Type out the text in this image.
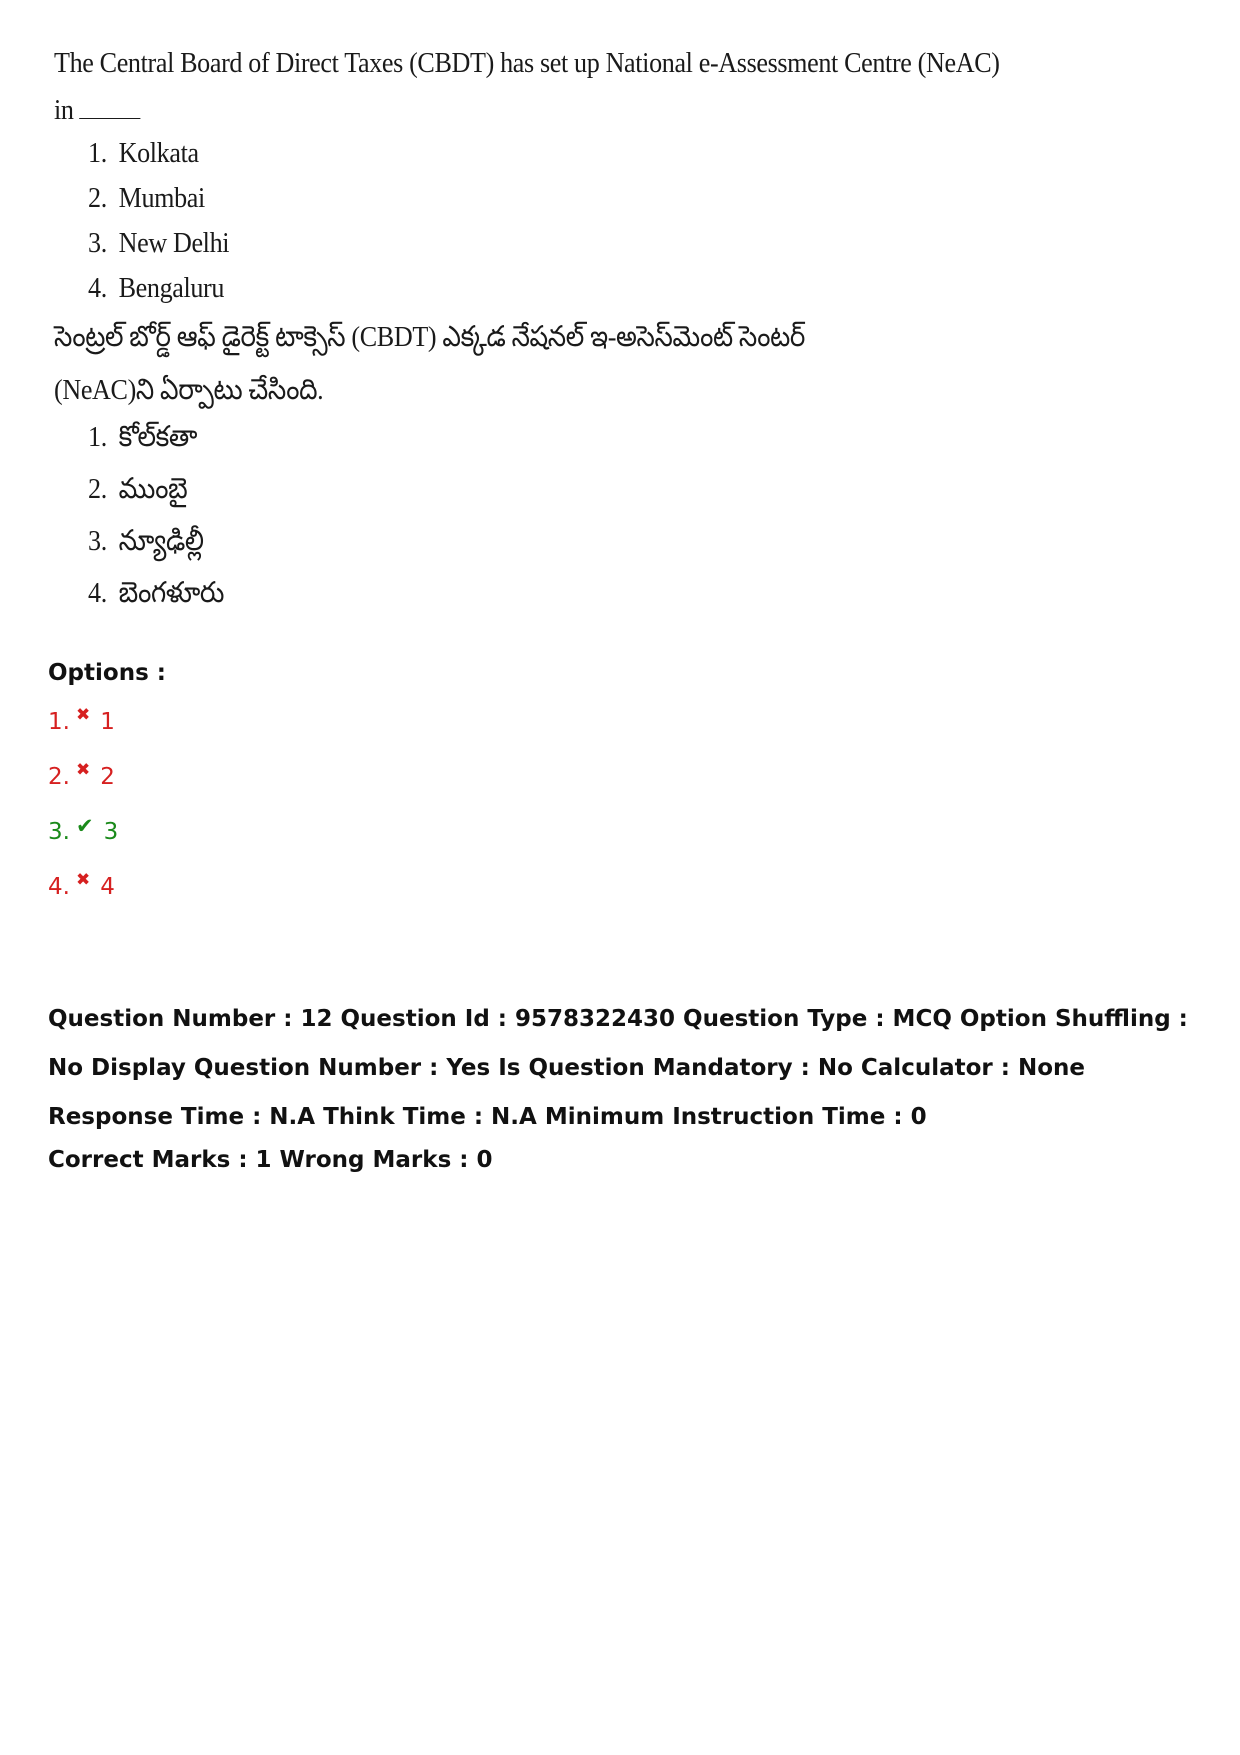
The Central Board of Direct Taxes (CBDT) has set up National e-Assessment Centre (NeAC)
in
1. Kolkata
2. Mumbai
3. New Delhi
4. Bengaluru
సెంట్రల్ బోర్డ్ ఆఫ్ డైరెక్ట్ టాక్సెస్ (CBDT) ఎక్కడ నేషనల్ ఇ-అసెస్‌మెంట్ సెంటర్
(NeAC)ని ఏర్పాటు చేసింది.
1. కోల్‌కతా
2. ముంబై
3. న్యూఢిల్లీ
4. బెంగళూరు
Options :
1. ✖ 1
2. ✖ 2
3. ✔ 3
4. ✖ 4
Question Number : 12 Question Id : 9578322430 Question Type : MCQ Option Shuffling : No Display Question Number : Yes Is Question Mandatory : No Calculator : None Response Time : N.A Think Time : N.A Minimum Instruction Time : 0
Correct Marks : 1 Wrong Marks : 0
